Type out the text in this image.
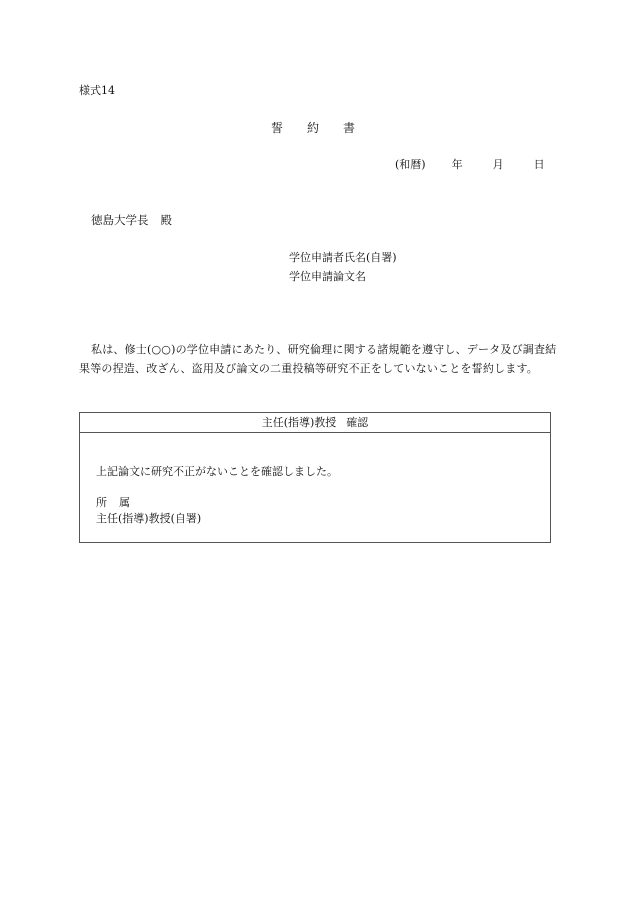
様式14
誓 約 書
(和暦) 年	月	日
徳島大学長 殿
学位申請者氏名(自署)
学位申請論文名
私は、修士(○○)の学位申請にあたり、研究倫理に関する諸規範を遵守し、データ及び調査結果等の捏造、改ざん、盗用及び論文の二重投稿等研究不正をしていないことを誓約します。
主任(指導)教授 確認
上記論文に研究不正がないことを確認しました。
所 属
主任(指導)教授(自署)
